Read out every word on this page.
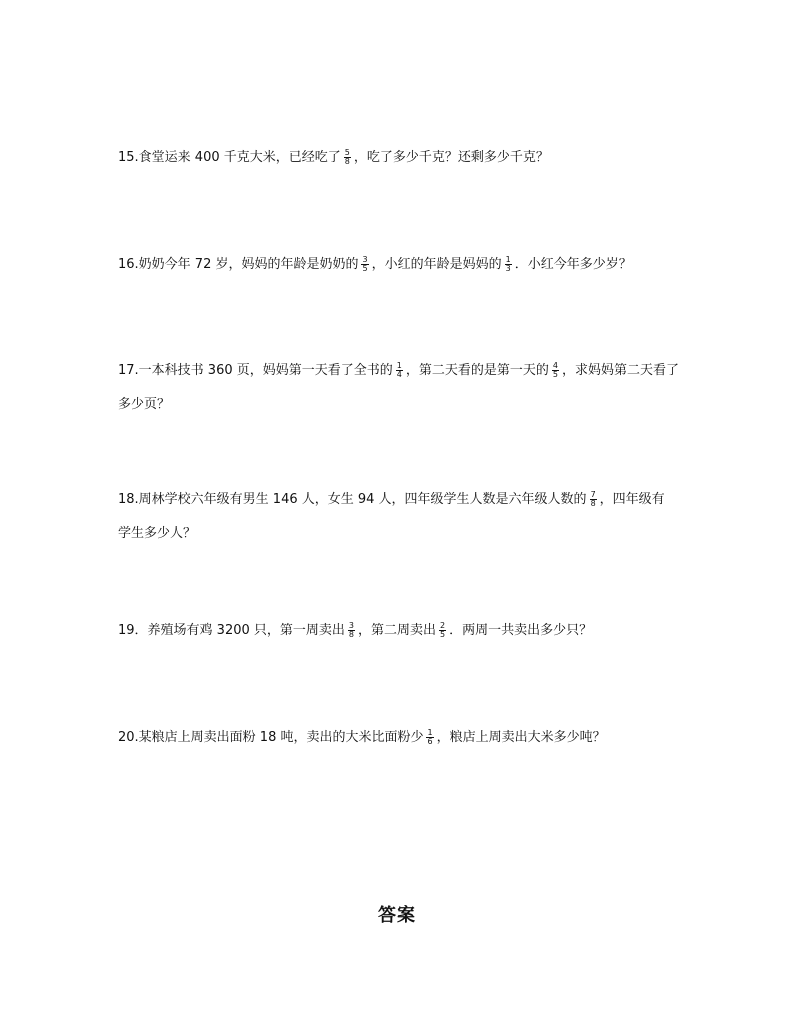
15.食堂运来 400 千克大米，已经吃了 $\frac{5}{8}$ ，吃了多少千克？还剩多少千克？
16.奶奶今年 72 岁，妈妈的年龄是奶奶的 $\frac{3}{5}$ ，小红的年龄是妈妈的 $\frac{1}{3}$ ．小红今年多少岁？
17.一本科技书 360 页，妈妈第一天看了全书的 $\frac{1}{4}$ ，第二天看的是第一天的 $\frac{4}{5}$ ，求妈妈第二天看了
多少页？
18.周林学校六年级有男生 146 人，女生 94 人，四年级学生人数是六年级人数的 $\frac{7}{8}$ ，四年级有
学生多少人？
19．养殖场有鸡 3200 只，第一周卖出 $\frac{3}{8}$ ，第二周卖出 $\frac{2}{5}$ ．两周一共卖出多少只？
20.某粮店上周卖出面粉 18 吨，卖出的大米比面粉少 $\frac{1}{6}$ ，粮店上周卖出大米多少吨？
答案
